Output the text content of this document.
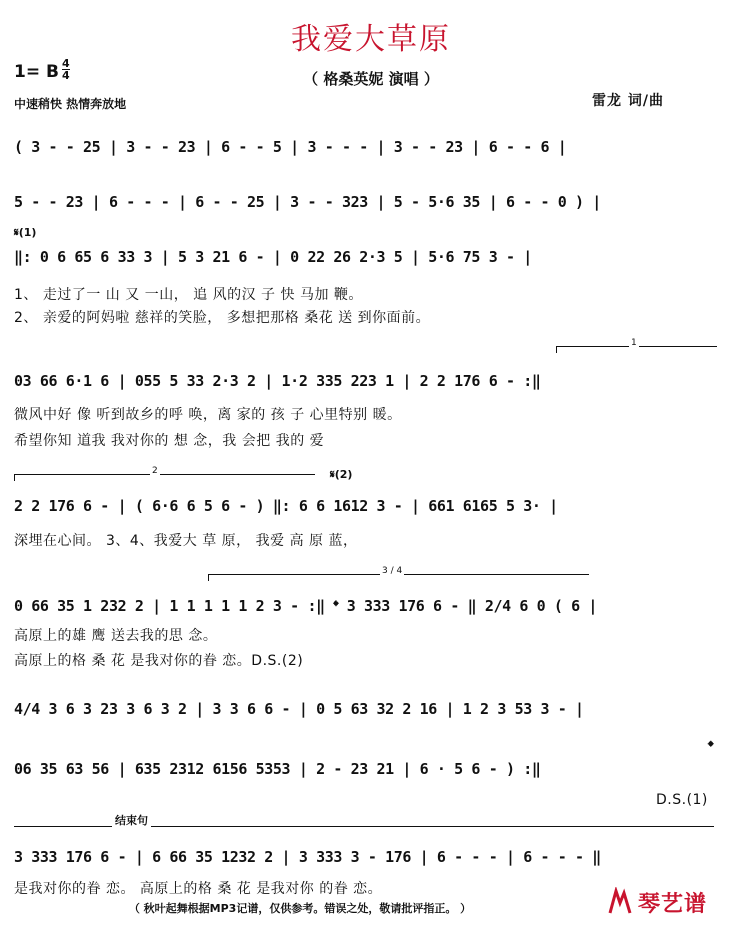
我爱大草原
（ 格桑英妮 演唱 ）
1= B 4
4
中速稍快 热情奔放地	雷龙 词/曲
( 3 - - 25 | 3 - - 23 | 6 - - 5 | 3 - - - | 3 - - 23 | 6 - - 6 |
5 - - 23 | 6 - - - | 6 - - 25 | 3 - - 323 | 5 - 5·6 35 | 6 - - 0 ) |
𝄋(1)
‖: 0 6 65 6 33 3 | 5 3 21 6 - | 0 22 26 2·3 5 | 5·6 75 3 - |
1、 走过了一 山 又 一山， 追 风的汉 子 快 马加 鞭。
2、 亲爱的阿妈啦 慈祥的笑脸， 多想把那格 桑花 送 到你面前。
1
03 66 6·1 6 | 055 5 33 2·3 2 | 1·2 335 223 1 | 2 2 176 6 - :‖
微风中好 像 听到故乡的呼 唤，离 家的 孩 子 心里特别 暖。
希望你知 道我 我对你的 想 念，我 会把 我的 爱
2	𝄋(2)
2 2 176 6 - | ( 6·6 6 5 6 - ) ‖: 6 6 1612 3 - | 661 6165 5 3· |
深埋在心间。 3、4、我爱大 草 原， 我爱 高 原 蓝，
3 / 4
0 66 35 1 232 2 | 1 1 1 1 1 2 3 - :‖ 𝄌 3 333 176 6 - ‖ 2/4 6 0 ( 6 |
高原上的雄 鹰 送去我的思 念。
高原上的格 桑 花 是我对你的眷 恋。D.S.(2)
4/4 3 6 3 23 3 6 3 2 | 3 3 6 6 - | 0 5 63 32 2 16 | 1 2 3 53 3 - |
𝄌
06 35 63 56 | 635 2312 6156 5353 | 2 - 23 21 | 6 · 5 6 - ) :‖
D.S.(1)
结束句
3 333 176 6 - | 6 66 35 1232 2 | 3 333 3 - 176 | 6 - - - | 6 - - - ‖
是我对你的眷 恋。 高原上的格 桑 花 是我对你 的眷 恋。
（ 秋叶起舞根据MP3记谱，仅供参考。错误之处，敬请批评指正。 ）	琴艺谱
